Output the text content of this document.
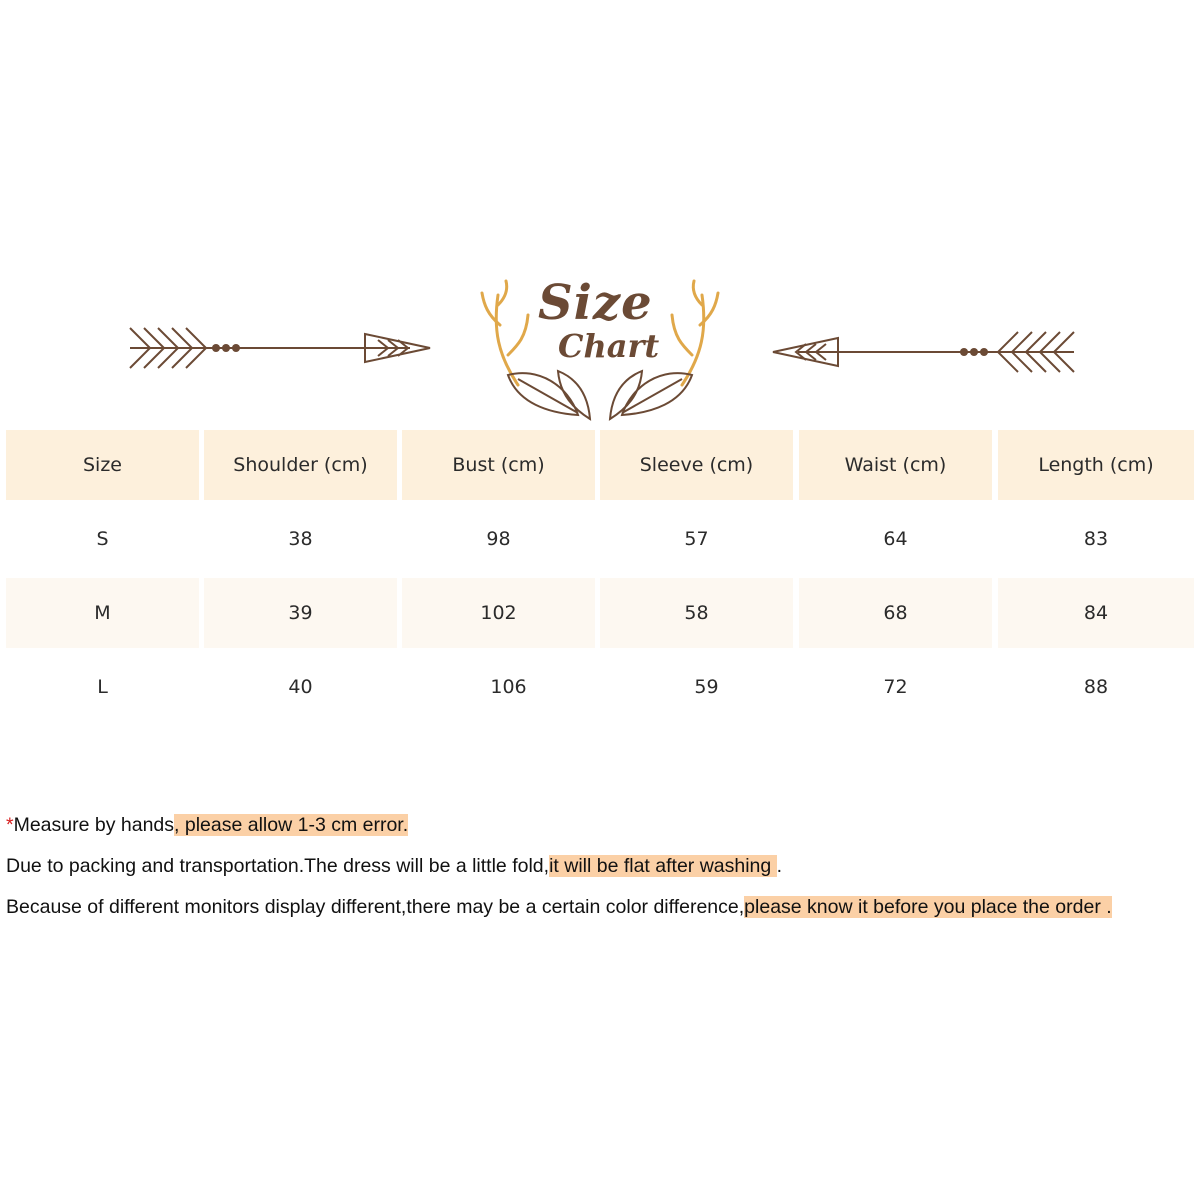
Size
Chart
Size	Shoulder (cm)	Bust (cm)	Sleeve (cm)	Waist (cm)	Length (cm)
S	38	98	57	64	83
M	39	102	58	68	84
L	40	106	59	72	88
*Measure by hands, please allow 1-3 cm error.
Due to packing and transportation.The dress will be a little fold,it will be flat after washing .
Because of different monitors display different,there may be a certain color difference,please know it before you place the order .
